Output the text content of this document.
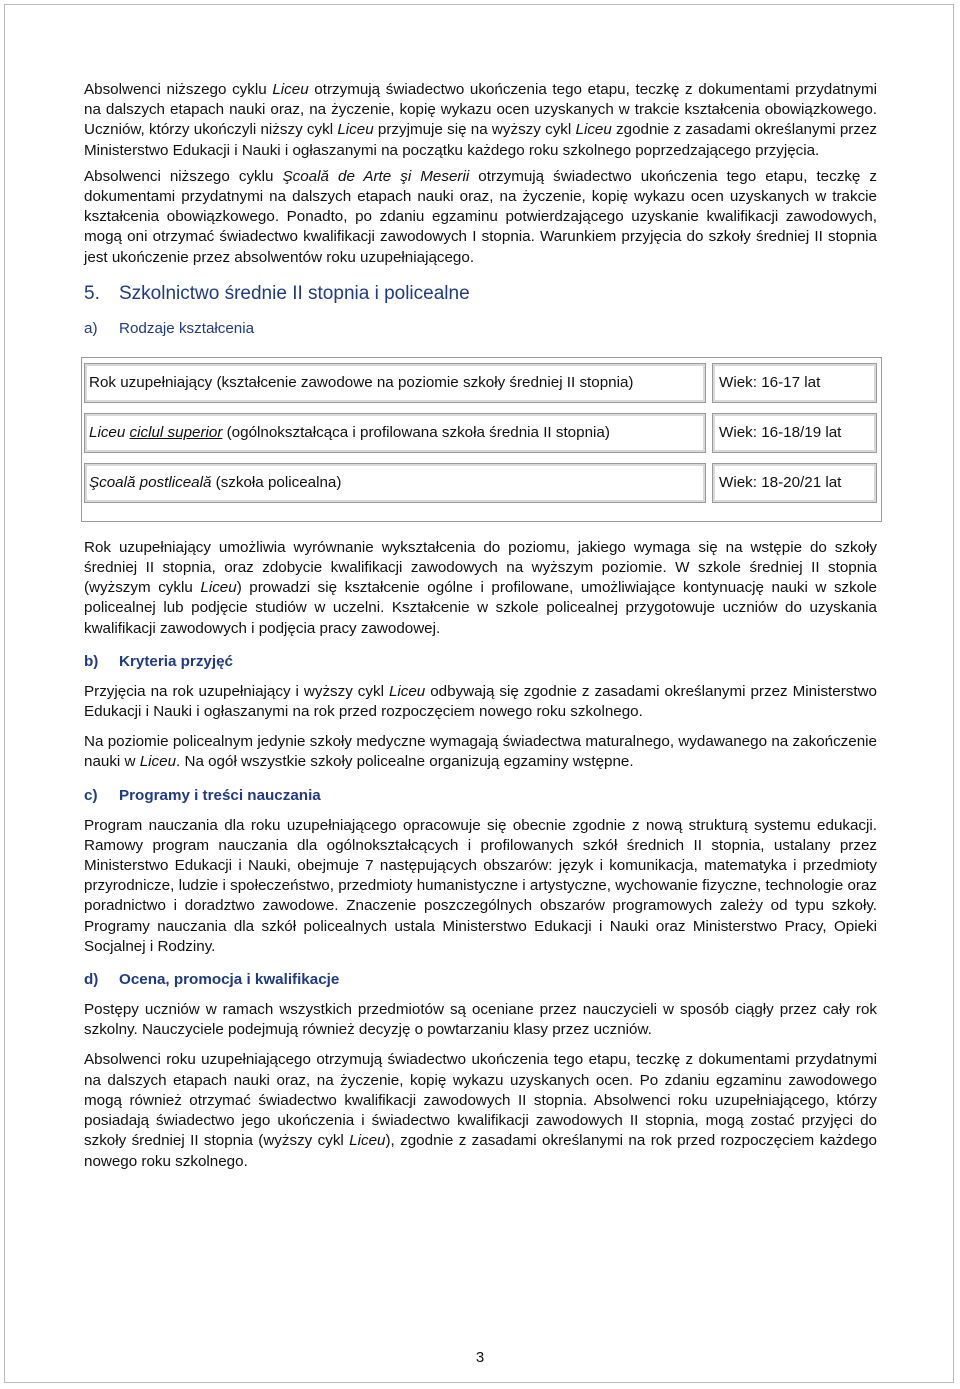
Absolwenci niższego cyklu Liceu otrzymują świadectwo ukończenia tego etapu, teczkę z dokumentami przydatnymi na dalszych etapach nauki oraz, na życzenie, kopię wykazu ocen uzyskanych w trakcie kształcenia obowiązkowego. Uczniów, którzy ukończyli niższy cykl Liceu przyjmuje się na wyższy cykl Liceu zgodnie z zasadami określanymi przez Ministerstwo Edukacji i Nauki i ogłaszanymi na początku każdego roku szkolnego poprzedzającego przyjęcia.

Absolwenci niższego cyklu Şcoală de Arte şi Meserii otrzymują świadectwo ukończenia tego etapu, teczkę z dokumentami przydatnymi na dalszych etapach nauki oraz, na życzenie, kopię wykazu ocen uzyskanych w trakcie kształcenia obowiązkowego. Ponadto, po zdaniu egzaminu potwierdzającego uzyskanie kwalifikacji zawodowych, mogą oni otrzymać świadectwo kwalifikacji zawodowych I stopnia. Warunkiem przyjęcia do szkoły średniej II stopnia jest ukończenie przez absolwentów roku uzupełniającego.

5. Szkolnictwo średnie II stopnia i policealne
a) Rodzaje kształcenia
Rok uzupełniający (kształcenie zawodowe na poziomie szkoły średniej II stopnia)	Wiek: 16-17 lat
Liceu ciclul superior (ogólnokształcąca i profilowana szkoła średnia II stopnia)	Wiek: 16-18/19 lat
Şcoală postliceală (szkoła policealna)	Wiek: 18-20/21 lat

Rok uzupełniający umożliwia wyrównanie wykształcenia do poziomu, jakiego wymaga się na wstępie do szkoły średniej II stopnia, oraz zdobycie kwalifikacji zawodowych na wyższym poziomie. W szkole średniej II stopnia (wyższym cyklu Liceu) prowadzi się kształcenie ogólne i profilowane, umożliwiające kontynuację nauki w szkole policealnej lub podjęcie studiów w uczelni. Kształcenie w szkole policealnej przygotowuje uczniów do uzyskania kwalifikacji zawodowych i podjęcia pracy zawodowej.

b) Kryteria przyjęć

Przyjęcia na rok uzupełniający i wyższy cykl Liceu odbywają się zgodnie z zasadami określanymi przez Ministerstwo Edukacji i Nauki i ogłaszanymi na rok przed rozpoczęciem nowego roku szkolnego.

Na poziomie policealnym jedynie szkoły medyczne wymagają świadectwa maturalnego, wydawanego na zakończenie nauki w Liceu. Na ogół wszystkie szkoły policealne organizują egzaminy wstępne.

c) Programy i treści nauczania

Program nauczania dla roku uzupełniającego opracowuje się obecnie zgodnie z nową strukturą systemu edukacji. Ramowy program nauczania dla ogólnokształcących i profilowanych szkół średnich II stopnia, ustalany przez Ministerstwo Edukacji i Nauki, obejmuje 7 następujących obszarów: język i komunikacja, matematyka i przedmioty przyrodnicze, ludzie i społeczeństwo, przedmioty humanistyczne i artystyczne, wychowanie fizyczne, technologie oraz poradnictwo i doradztwo zawodowe. Znaczenie poszczególnych obszarów programowych zależy od typu szkoły. Programy nauczania dla szkół policealnych ustala Ministerstwo Edukacji i Nauki oraz Ministerstwo Pracy, Opieki Socjalnej i Rodziny.

d) Ocena, promocja i kwalifikacje

Postępy uczniów w ramach wszystkich przedmiotów są oceniane przez nauczycieli w sposób ciągły przez cały rok szkolny. Nauczyciele podejmują również decyzję o powtarzaniu klasy przez uczniów.

Absolwenci roku uzupełniającego otrzymują świadectwo ukończenia tego etapu, teczkę z dokumentami przydatnymi na dalszych etapach nauki oraz, na życzenie, kopię wykazu uzyskanych ocen. Po zdaniu egzaminu zawodowego mogą również otrzymać świadectwo kwalifikacji zawodowych II stopnia. Absolwenci roku uzupełniającego, którzy posiadają świadectwo jego ukończenia i świadectwo kwalifikacji zawodowych II stopnia, mogą zostać przyjęci do szkoły średniej II stopnia (wyższy cykl Liceu), zgodnie z zasadami określanymi na rok przed rozpoczęciem każdego nowego roku szkolnego.

3
